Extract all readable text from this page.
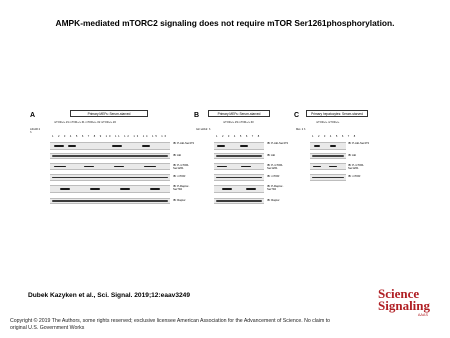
AMPK-mediated mTORC2 signaling does not require mTOR Ser1261phosphorylation.
A	Primary MEFs: Serum-starved
mTOR+/+ #1 mTOR+/+ #1 mTOR+/+ #2 mTOR+/+ #2
AICAR 2 h
1 2 3 4 5 6 7 8 9 10 11 12 13 14 15 16
IB: P-Akt-Ser473
IB: Akt
IB: P-mTOR-Ser1261
IB: mTOR
IB: P-Raptor-Ser792
IB: Raptor
B	Primary MEFs: Serum-starved
mTOR+/+ #3 mTOR+/+ #3
Glc withdr. h
1 2 3 4 5 6 7 8
IB: P-Akt-Ser473
IB: Akt
IB: P-mTOR-Ser1261
IB: mTOR
IB: P-Raptor-Ser792
IB: Raptor
C	Primary hepatocytes: Serum-starved
mTOR+/+ mTOR+/+
Met. 2 h
1 2 3 4 5 6 7 8
IB: P-Akt-Ser473
IB: Akt
IB: P-mTOR-Ser1261
IB: mTOR
Dubek Kazyken et al., Sci. Signal. 2019;12:eaav3249
Copyright © 2019 The Authors, some rights reserved; exclusive licensee American Association for the Advancement of Science. No claim to original U.S. Government Works
Science
Signaling
AAAS
